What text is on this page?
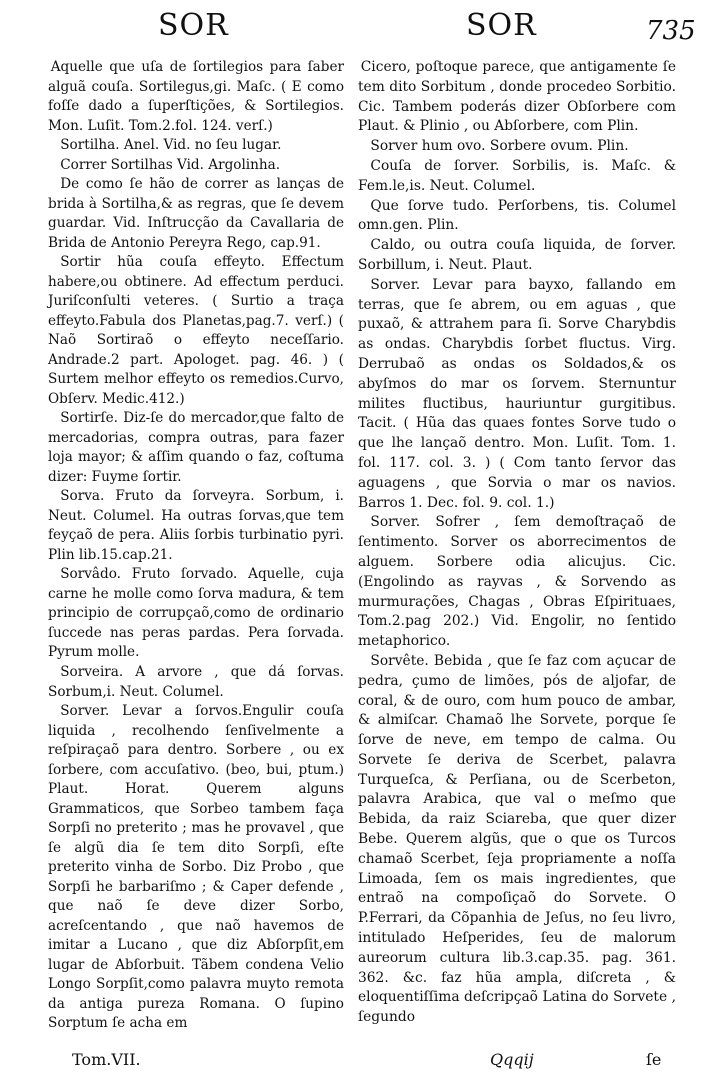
SOR	SOR	735

Aquelle que uſa de ſortilegios para ſaber alguã couſa. Sortilegus,gi. Maſc. ( E como foſſe dado a ſuperſtições, & Sortilegios. Mon. Luſit. Tom.2.fol. 124. verſ.)

Sortilha. Anel. Vid. no ſeu lugar.

Correr Sortilhas Vid. Argolinha.

De como ſe hão de correr as lanças de brida à Sortilha,& as regras, que ſe devem guardar. Vid. Inſtrucção da Cavallaria de Brida de Antonio Pereyra Rego, cap.91.

Sortir hũa couſa effeyto. Effectum habere,ou obtinere. Ad effectum perduci. Juriſconſulti veteres. ( Surtio a traça effeyto.Fabula dos Planetas,pag.7. verſ.) ( Naõ Sortiraõ o effeyto neceſſario. Andrade.2 part. Apologet. pag. 46. ) ( Surtem melhor effeyto os remedios.Curvo, Obſerv. Medic.412.)

Sortirſe. Diz-ſe do mercador,que falto de mercadorias, compra outras, para fazer loja mayor; & aſſim quando o faz, coſtuma dizer: Fuyme ſortir.

Sorva. Fruto da ſorveyra. Sorbum, i. Neut. Columel. Ha outras ſorvas,que tem feyçaõ de pera. Aliis ſorbis turbinatio pyri. Plin lib.15.cap.21.

Sorvâdo. Fruto ſorvado. Aquelle, cuja carne he molle como ſorva madura, & tem principio de corrupçaõ,como de ordinario ſuccede nas peras pardas. Pera ſorvada. Pyrum molle.

Sorveira. A arvore , que dá ſorvas. Sorbum,i. Neut. Columel.

Sorver. Levar a ſorvos.Engulir couſa liquida , recolhendo ſenſivelmente a reſpiraçaõ para dentro. Sorbere , ou ex ſorbere, com accuſativo. (beo, bui, ptum.) Plaut. Horat. Querem alguns Grammaticos, que Sorbeo tambem faça Sorpſi no preterito ; mas he provavel , que ſe algũ dia ſe tem dito Sorpſi, eſte preterito vinha de Sorbo. Diz Probo , que Sorpſi he barbariſmo ; & Caper defende , que naõ ſe deve dizer Sorbo, acreſcentando , que naõ havemos de imitar a Lucano , que diz Abſorpſit,em lugar de Abſorbuit. Tãbem condena Velio Longo Sorpſit,como palavra muyto remota da antiga pureza Romana. O ſupino Sorptum ſe acha em

Cicero, poſtoque parece, que antigamente ſe tem dito Sorbitum , donde procedeo Sorbitio. Cic. Tambem poderás dizer Obſorbere com Plaut. & Plinio , ou Abſorbere, com Plin.

Sorver hum ovo. Sorbere ovum. Plin.

Couſa de ſorver. Sorbilis, is. Maſc. & Fem.le,is. Neut. Columel.

Que ſorve tudo. Perſorbens, tis. Columel omn.gen. Plin.

Caldo, ou outra couſa liquida, de ſorver. Sorbillum, i. Neut. Plaut.

Sorver. Levar para bayxo, fallando em terras, que ſe abrem, ou em aguas , que puxaõ, & attrahem para ſi. Sorve Charybdis as ondas. Charybdis ſorbet fluctus. Virg. Derrubaõ as ondas os Soldados,& os abyſmos do mar os ſorvem. Sternuntur milites fluctibus, hauriuntur gurgitibus. Tacit. ( Hũa das quaes fontes Sorve tudo o que lhe lançaõ dentro. Mon. Luſit. Tom. 1. fol. 117. col. 3. ) ( Com tanto ſervor das aguagens , que Sorvia o mar os navios. Barros 1. Dec. fol. 9. col. 1.)

Sorver. Sofrer , ſem demoſtraçaõ de ſentimento. Sorver os aborrecimentos de alguem. Sorbere odia alicujus. Cic. (Engolindo as rayvas , & Sorvendo as murmurações, Chagas , Obras Eſpirituaes, Tom.2.pag 202.) Vid. Engolir, no ſentido metaphorico.

Sorvête. Bebida , que ſe faz com açucar de pedra, çumo de limões, pós de aljofar, de coral, & de ouro, com hum pouco de ambar, & almiſcar. Chamaõ lhe Sorvete, porque ſe ſorve de neve, em tempo de calma. Ou Sorvete ſe deriva de Scerbet, palavra Turqueſca, & Perſiana, ou de Scerbeton, palavra Arabica, que val o meſmo que Bebida, da raiz Sciareba, que quer dizer Bebe. Querem algũs, que o que os Turcos chamaõ Scerbet, ſeja propriamente a noſſa Limoada, ſem os mais ingredientes, que entraõ na compoſiçaõ do Sorvete. O P.Ferrari, da Cõpanhia de Jeſus, no ſeu livro, intitulado Heſperides, ſeu de malorum aureorum cultura lib.3.cap.35. pag. 361. 362. &c. faz hũa ampla, diſcreta , & eloquentiſſima deſcripçaõ Latina do Sorvete , ſegundo

Tom.VII.	Qqqij	ſe
